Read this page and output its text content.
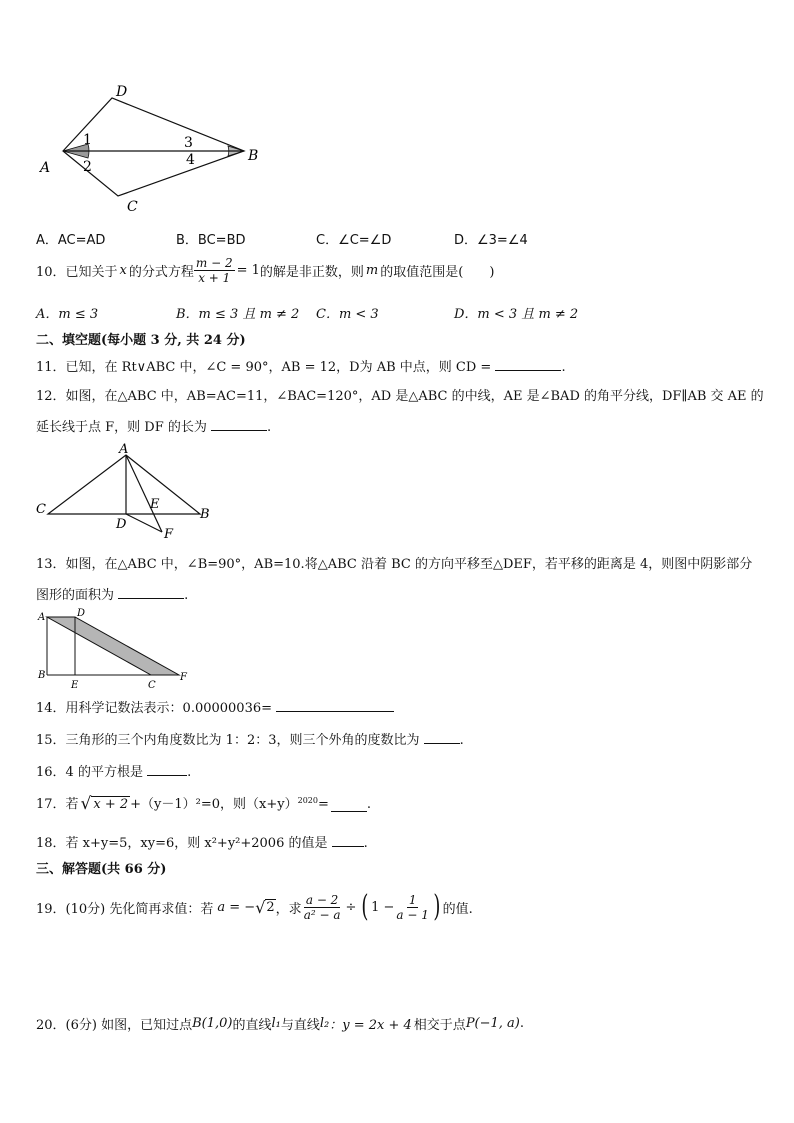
D
A
B
C
1
2
3
4
A．AC=AD	B．BC=BD	C．∠C=∠D	D．∠3=∠4
10．已知关于 x 的分式方程 $\frac{m - 2}{x + 1} = 1$ 的解是非正数，则 m 的取值范围是(　　)
A．m ≤ 3	B．m ≤ 3 且 m ≠ 2 C．m < 3	D．m < 3 且 m ≠ 2
二、填空题(每小题 3 分, 共 24 分)
11．已知，在 Rt∨ABC 中，∠C = 90°，AB = 12，D为 AB 中点，则 CD =	.
12．如图，在△ABC 中，AB=AC=11，∠BAC=120°，AD 是△ABC 的中线，AE 是∠BAD 的角平分线，DF∥AB 交 AE 的
延长线于点 F，则 DF 的长为	.
A
C
D
E
F
B
13．如图，在△ABC 中，∠B=90°，AB=10.将△ABC 沿着 BC 的方向平移至△DEF，若平移的距离是 4，则图中阴影部分
图形的面积为	.
A	D
B
E	C
F
14．用科学记数法表示：0.00000036=
15．三角形的三个内角度数比为 1：2：3，则三个外角的度数比为	.
16．4 的平方根是	.
17．若 √ x + 2 +（y－1）²=0，则（x+y） 2020 =	.
18．若 x+y=5，xy=6，则 x²+y²+2006 的值是	.
三、解答题(共 66 分)
19．(10分) 先化简再求值：若 a = − √ 2 ，求 $\frac{a - 2}{\text{a² − a}}$ ÷ ( $1 - \frac{1}{a - 1}$ ) 的值.
20．(6分) 如图，已知过点 B(1,0) 的直线 l₁ 与直线 l₂ ：y = 2x + 4 相交于点 P(−1, a) .
